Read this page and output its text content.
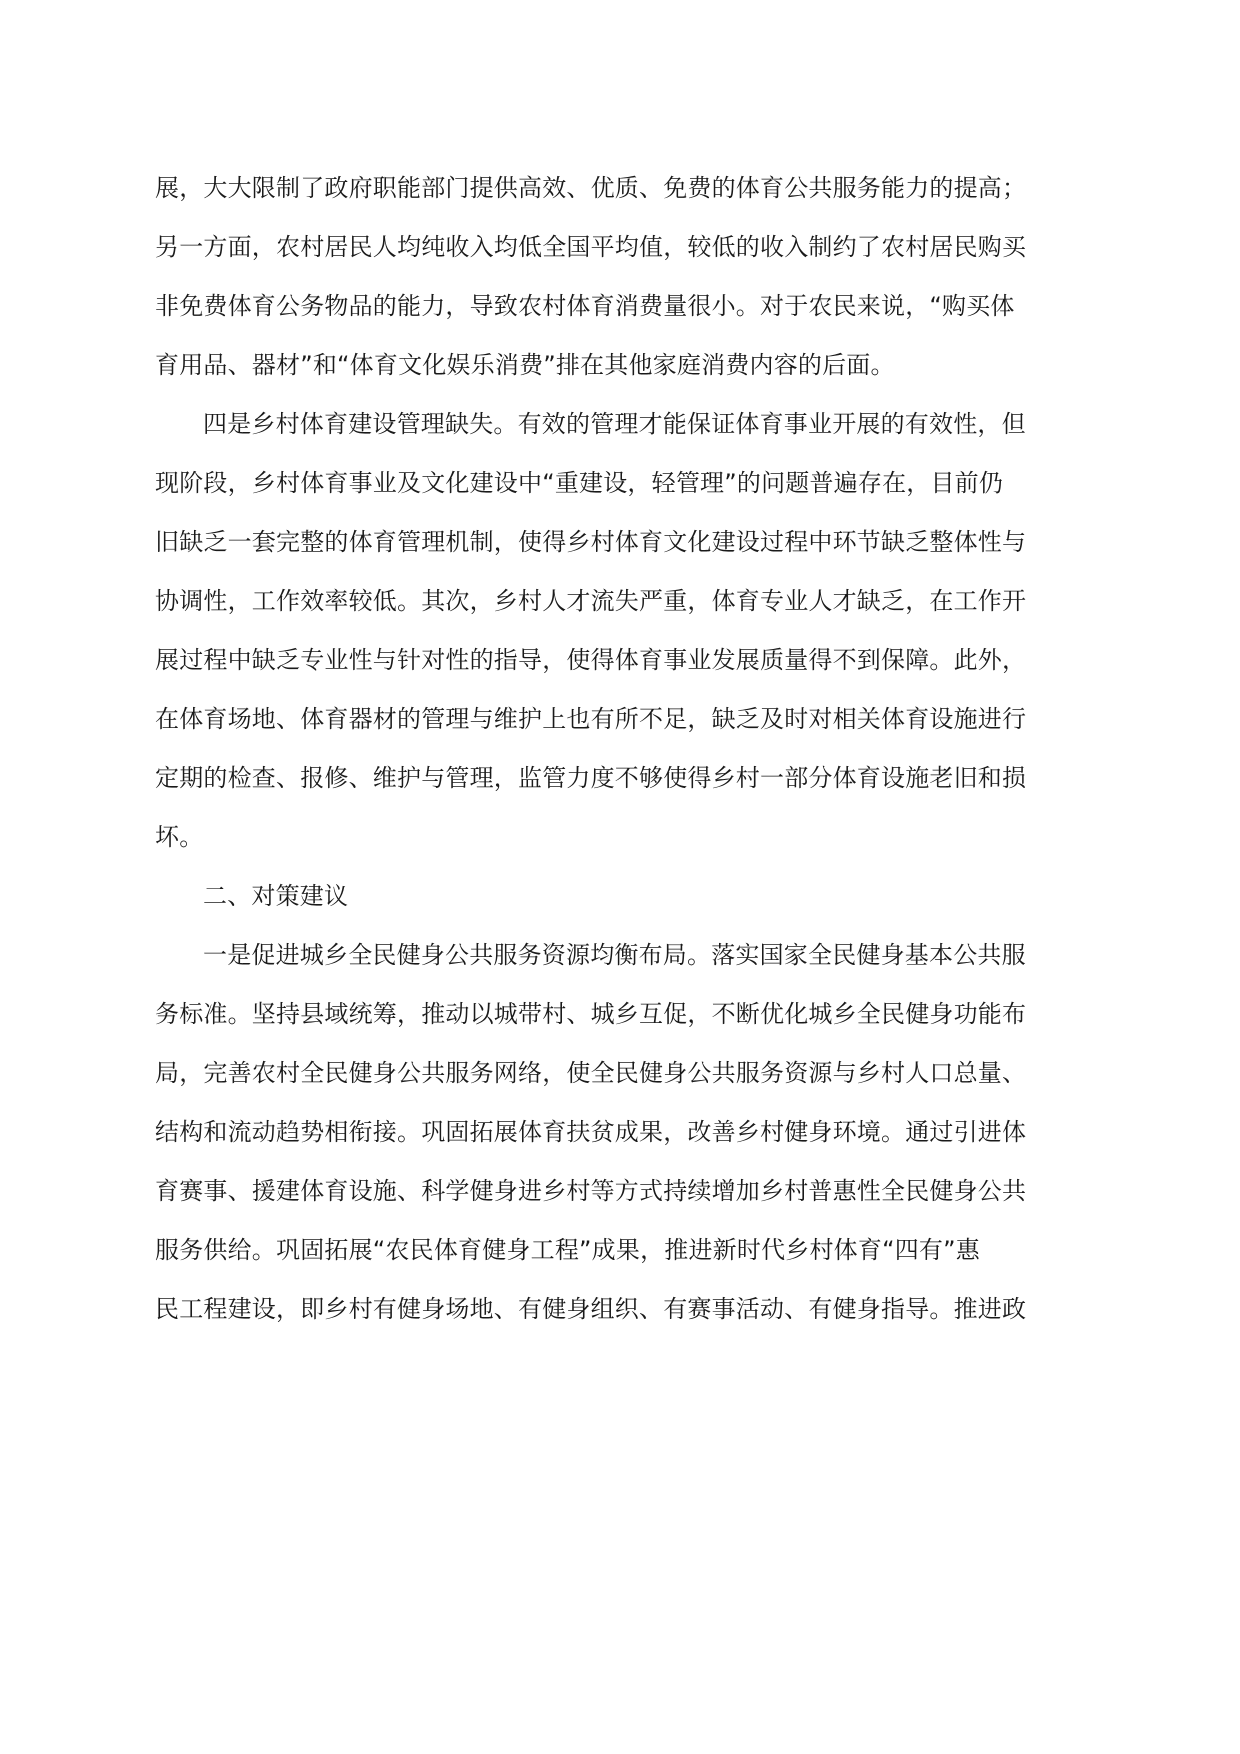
展，大大限制了政府职能部门提供高效、优质、免费的体育公共服务能力的提高；
另一方面，农村居民人均纯收入均低全国平均值，较低的收入制约了农村居民购买
非免费体育公务物品的能力，导致农村体育消费量很小。对于农民来说，“购买体
育用品、器材”和“体育文化娱乐消费”排在其他家庭消费内容的后面。
四是乡村体育建设管理缺失。有效的管理才能保证体育事业开展的有效性，但
现阶段，乡村体育事业及文化建设中“重建设，轻管理”的问题普遍存在，目前仍
旧缺乏一套完整的体育管理机制，使得乡村体育文化建设过程中环节缺乏整体性与
协调性，工作效率较低。其次，乡村人才流失严重，体育专业人才缺乏，在工作开
展过程中缺乏专业性与针对性的指导，使得体育事业发展质量得不到保障。此外，
在体育场地、体育器材的管理与维护上也有所不足，缺乏及时对相关体育设施进行
定期的检查、报修、维护与管理，监管力度不够使得乡村一部分体育设施老旧和损
坏。
二、对策建议
一是促进城乡全民健身公共服务资源均衡布局。落实国家全民健身基本公共服
务标准。坚持县域统筹，推动以城带村、城乡互促，不断优化城乡全民健身功能布
局，完善农村全民健身公共服务网络，使全民健身公共服务资源与乡村人口总量、
结构和流动趋势相衔接。巩固拓展体育扶贫成果，改善乡村健身环境。通过引进体
育赛事、援建体育设施、科学健身进乡村等方式持续增加乡村普惠性全民健身公共
服务供给。巩固拓展“农民体育健身工程”成果，推进新时代乡村体育“四有”惠
民工程建设，即乡村有健身场地、有健身组织、有赛事活动、有健身指导。推进政
